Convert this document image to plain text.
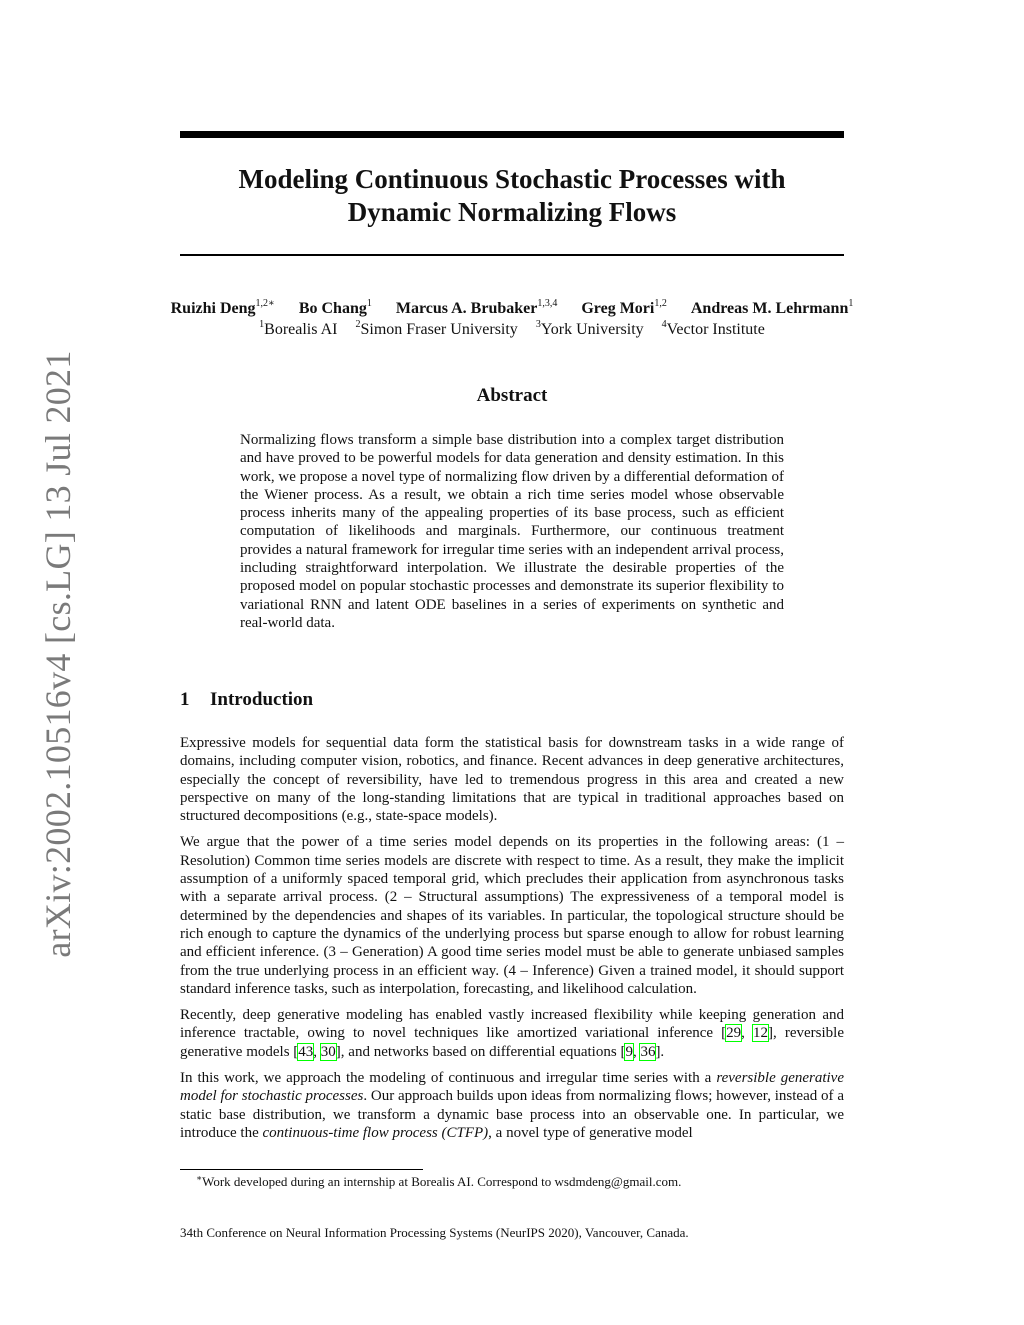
arXiv:2002.10516v4 [cs.LG] 13 Jul 2021
Modeling Continuous Stochastic Processes with
Dynamic Normalizing Flows
Ruizhi Deng$^{1,2∗}$ Bo Chang$^1$ Marcus A. Brubaker$^{1,3,4}$ Greg Mori$^{1,2}$ Andreas M. Lehrmann$^1$
$^1$Borealis AI $^2$Simon Fraser University $^3$York University $^4$Vector Institute
Abstract

Normalizing flows transform a simple base distribution into a complex target distribution and have proved to be powerful models for data generation and density estimation. In this work, we propose a novel type of normalizing flow driven by a differential deformation of the Wiener process. As a result, we obtain a rich time series model whose observable process inherits many of the appealing properties of its base process, such as efficient computation of likelihoods and marginals. Furthermore, our continuous treatment provides a natural framework for irregular time series with an independent arrival process, including straightforward interpolation. We illustrate the desirable properties of the proposed model on popular stochastic processes and demonstrate its superior flexibility to variational RNN and latent ODE baselines in a series of experiments on synthetic and real-world data.

1 Introduction

Expressive models for sequential data form the statistical basis for downstream tasks in a wide range of domains, including computer vision, robotics, and finance. Recent advances in deep generative architectures, especially the concept of reversibility, have led to tremendous progress in this area and created a new perspective on many of the long-standing limitations that are typical in traditional approaches based on structured decompositions (e.g., state-space models).

We argue that the power of a time series model depends on its properties in the following areas: (1 – Resolution) Common time series models are discrete with respect to time. As a result, they make the implicit assumption of a uniformly spaced temporal grid, which precludes their application from asynchronous tasks with a separate arrival process. (2 – Structural assumptions) The expressiveness of a temporal model is determined by the dependencies and shapes of its variables. In particular, the topological structure should be rich enough to capture the dynamics of the underlying process but sparse enough to allow for robust learning and efficient inference. (3 – Generation) A good time series model must be able to generate unbiased samples from the true underlying process in an efficient way. (4 – Inference) Given a trained model, it should support standard inference tasks, such as interpolation, forecasting, and likelihood calculation.

Recently, deep generative modeling has enabled vastly increased flexibility while keeping generation and inference tractable, owing to novel techniques like amortized variational inference [29, 12], reversible generative models [43, 30], and networks based on differential equations [9, 36].

In this work, we approach the modeling of continuous and irregular time series with a reversible generative model for stochastic processes. Our approach builds upon ideas from normalizing flows; however, instead of a static base distribution, we transform a dynamic base process into an observable one. In particular, we introduce the continuous-time flow process (CTFP), a novel type of generative model

∗Work developed during an internship at Borealis AI. Correspond to wsdmdeng@gmail.com.
34th Conference on Neural Information Processing Systems (NeurIPS 2020), Vancouver, Canada.
